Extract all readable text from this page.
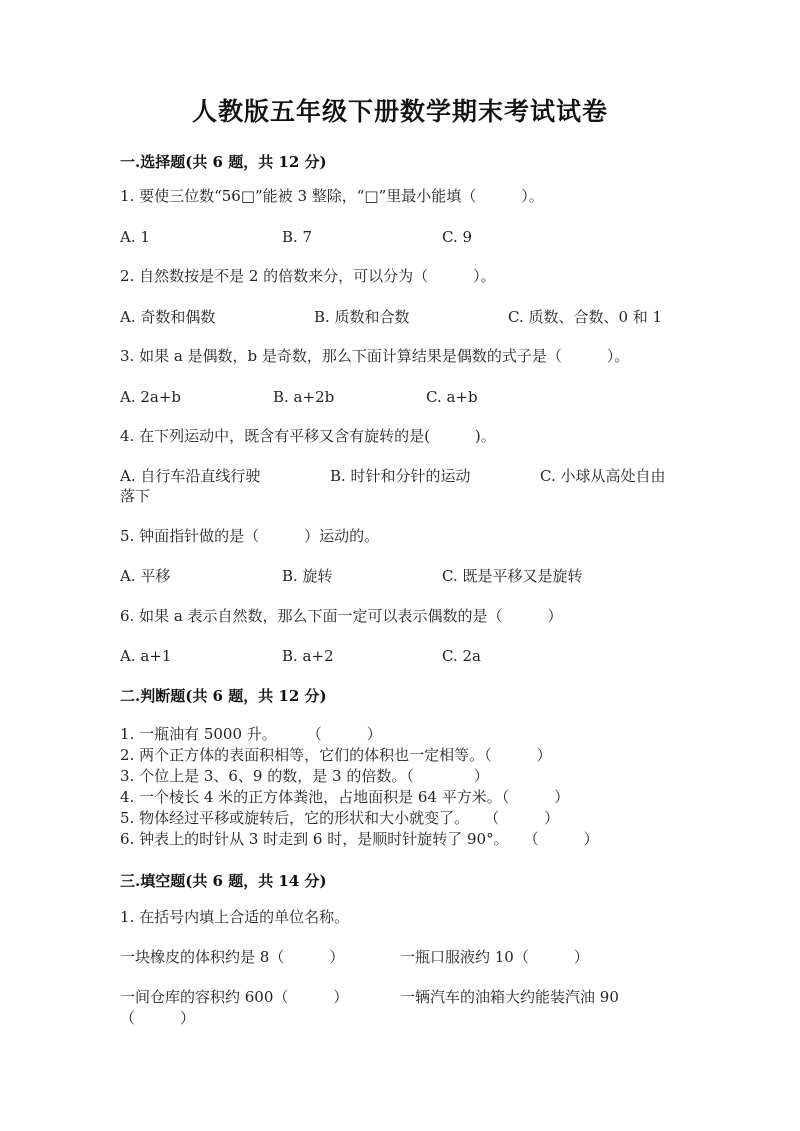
人教版五年级下册数学期末考试试卷
一.选择题(共 6 题，共 12 分)
1. 要使三位数“56□”能被 3 整除，“□”里最小能填（　　　）。
A. 1	B. 7	C. 9
2. 自然数按是不是 2 的倍数来分，可以分为（　　　）。
A. 奇数和偶数	B. 质数和合数	C. 质数、合数、0 和 1
3. 如果 a 是偶数，b 是奇数，那么下面计算结果是偶数的式子是（　　　）。
A. 2a+b	B. a+2b	C. a+b
4. 在下列运动中，既含有平移又含有旋转的是(　　　)。
A. 自行车沿直线行驶	B. 时针和分针的运动	C. 小球从高处自由
落下
5. 钟面指针做的是（　　　）运动的。
A. 平移	B. 旋转	C. 既是平移又是旋转
6. 如果 a 表示自然数，那么下面一定可以表示偶数的是（　　　）
A. a+1	B. a+2	C. 2a
二.判断题(共 6 题，共 12 分)
1. 一瓶油有 5000 升。　　　（　　　）
2. 两个正方体的表面积相等，它们的体积也一定相等。（　　　）
3. 个位上是 3、6、9 的数，是 3 的倍数。（　　　　）
4. 一个棱长 4 米的正方体粪池，占地面积是 64 平方米。（　　　）
5. 物体经过平移或旋转后，它的形状和大小就变了。　　（　　　）
6. 钟表上的时针从 3 时走到 6 时，是顺时针旋转了 90°。　　（　　　）
三.填空题(共 6 题，共 14 分)
1. 在括号内填上合适的单位名称。
一块橡皮的体积约是 8（　　　）	一瓶口服液约 10（　　　）
一间仓库的容积约 600（　　　）	一辆汽车的油箱大约能装汽油 90
（　　　）
